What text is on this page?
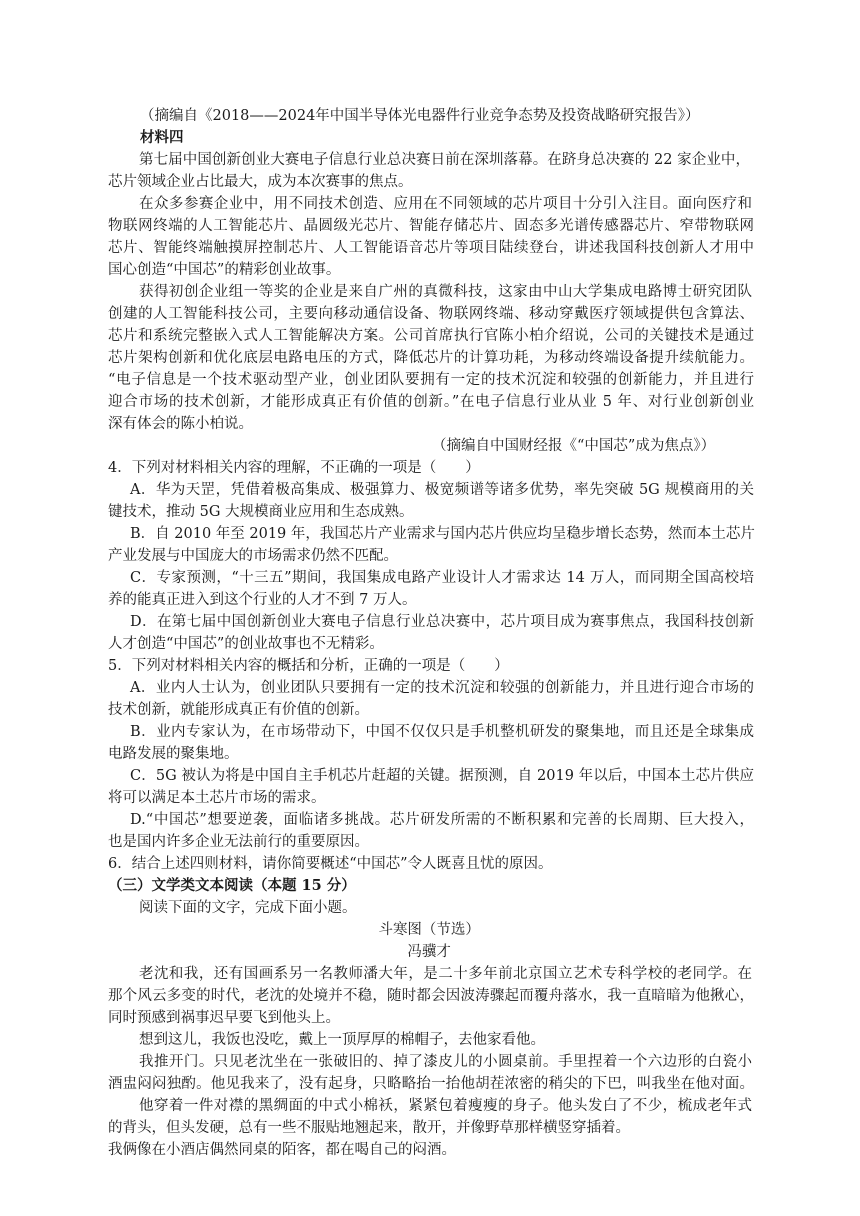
（摘编自《2018——2024年中国半导体光电器件行业竞争态势及投资战略研究报告》）

材料四

第七届中国创新创业大赛电子信息行业总决赛日前在深圳落幕。在跻身总决赛的 22 家企业中，

芯片领域企业占比最大，成为本次赛事的焦点。

在众多参赛企业中，用不同技术创造、应用在不同领域的芯片项目十分引入注目。面向医疗和

物联网终端的人工智能芯片、晶圆级光芯片、智能存储芯片、固态多光谱传感器芯片、窄带物联网

芯片、智能终端触摸屏控制芯片、人工智能语音芯片等项目陆续登台，讲述我国科技创新人才用中

国心创造“中国芯”的精彩创业故事。

获得初创企业组一等奖的企业是来自广州的真微科技，这家由中山大学集成电路博士研究团队

创建的人工智能科技公司，主要向移动通信设备、物联网终端、移动穿戴医疗领域提供包含算法、

芯片和系统完整嵌入式人工智能解决方案。公司首席执行官陈小柏介绍说，公司的关键技术是通过

芯片架构创新和优化底层电路电压的方式，降低芯片的计算功耗，为移动终端设备提升续航能力。

“电子信息是一个技术驱动型产业，创业团队要拥有一定的技术沉淀和较强的创新能力，并且进行

迎合市场的技术创新，才能形成真正有价值的创新。”在电子信息行业从业 5 年、对行业创新创业

深有体会的陈小柏说。

（摘编自中国财经报《“中国芯”成为焦点》）

4．下列对材料相关内容的理解，不正确的一项是（　　）

A．华为天罡，凭借着极高集成、极强算力、极宽频谱等诸多优势，率先突破 5G 规模商用的关

键技术，推动 5G 大规模商业应用和生态成熟。

B．自 2010 年至 2019 年，我国芯片产业需求与国内芯片供应均呈稳步增长态势，然而本土芯片

产业发展与中国庞大的市场需求仍然不匹配。

C．专家预测，“十三五”期间，我国集成电路产业设计人才需求达 14 万人，而同期全国高校培

养的能真正进入到这个行业的人才不到 7 万人。

D．在第七届中国创新创业大赛电子信息行业总决赛中，芯片项目成为赛事焦点，我国科技创新

人才创造“中国芯”的创业故事也不无精彩。

5．下列对材料相关内容的概括和分析，正确的一项是（　　）

A．业内人士认为，创业团队只要拥有一定的技术沉淀和较强的创新能力，并且进行迎合市场的

技术创新，就能形成真正有价值的创新。

B．业内专家认为，在市场带动下，中国不仅仅只是手机整机研发的聚集地，而且还是全球集成

电路发展的聚集地。

C．5G 被认为将是中国自主手机芯片赶超的关键。据预测，自 2019 年以后，中国本土芯片供应

将可以满足本土芯片市场的需求。

D.“中国芯”想要逆袭，面临诸多挑战。芯片研发所需的不断积累和完善的长周期、巨大投入，

也是国内许多企业无法前行的重要原因。

6．结合上述四则材料，请你简要概述“中国芯”令人既喜且忧的原因。

（三）文学类文本阅读（本题 15 分）

阅读下面的文字，完成下面小题。

斗寒图（节选）

冯骥才

老沈和我，还有国画系另一名教师潘大年，是二十多年前北京国立艺术专科学校的老同学。在

那个风云多变的时代，老沈的处境并不稳，随时都会因波涛骤起而覆舟落水，我一直暗暗为他揪心，

同时预感到祸事迟早要飞到他头上。

想到这儿，我饭也没吃，戴上一顶厚厚的棉帽子，去他家看他。

我推开门。只见老沈坐在一张破旧的、掉了漆皮儿的小圆桌前。手里捏着一个六边形的白瓷小

酒盅闷闷独酌。他见我来了，没有起身，只略略抬一抬他胡茬浓密的稍尖的下巴，叫我坐在他对面。

他穿着一件对襟的黑绸面的中式小棉袄，紧紧包着瘦瘦的身子。他头发白了不少，梳成老年式

的背头，但头发硬，总有一些不服贴地翘起来，散开，并像野草那样横竖穿插着。

我俩像在小酒店偶然同桌的陌客，都在喝自己的闷酒。
